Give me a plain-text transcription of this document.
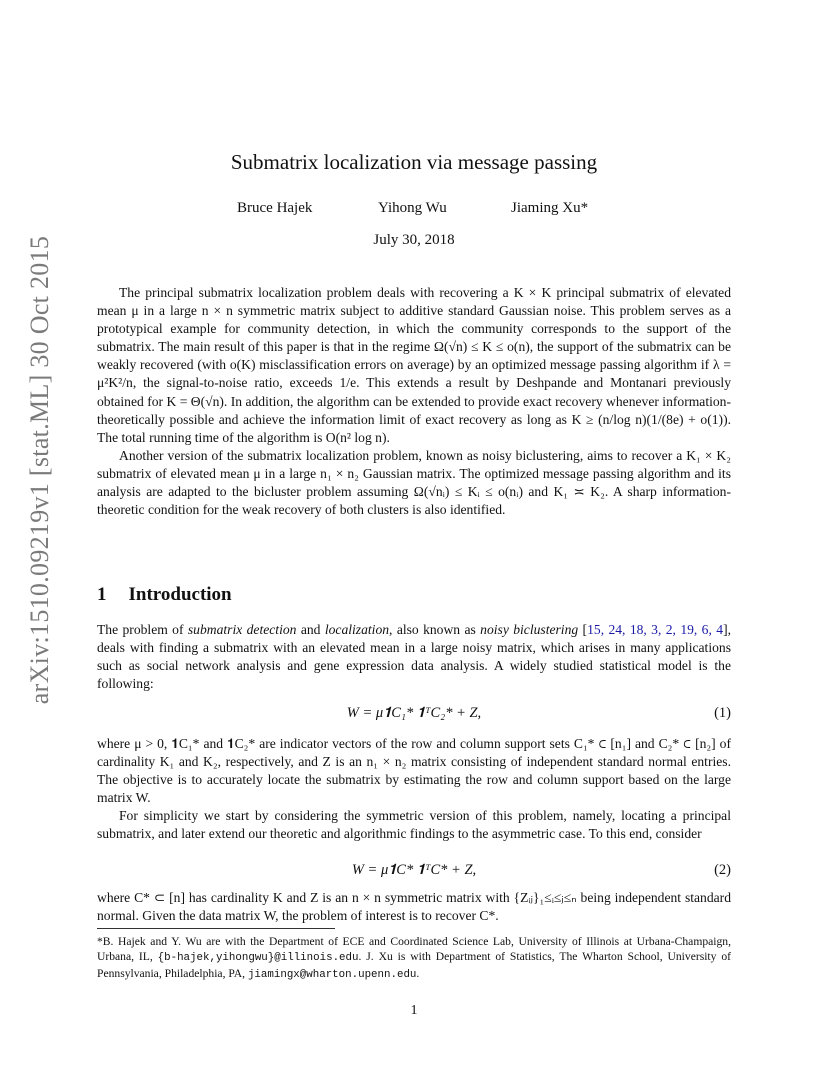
arXiv:1510.09219v1 [stat.ML] 30 Oct 2015
Submatrix localization via message passing
Bruce Hajek	Yihong Wu	Jiaming Xu*
July 30, 2018

The principal submatrix localization problem deals with recovering a K × K principal submatrix of elevated mean μ in a large n × n symmetric matrix subject to additive standard Gaussian noise. This problem serves as a prototypical example for community detection, in which the community corresponds to the support of the submatrix. The main result of this paper is that in the regime Ω(√n) ≤ K ≤ o(n), the support of the submatrix can be weakly recovered (with o(K) misclassification errors on average) by an optimized message passing algorithm if λ = μ²K²/n, the signal-to-noise ratio, exceeds 1/e. This extends a result by Deshpande and Montanari previously obtained for K = Θ(√n). In addition, the algorithm can be extended to provide exact recovery whenever information-theoretically possible and achieve the information limit of exact recovery as long as K ≥ (n/log n)(1/(8e) + o(1)). The total running time of the algorithm is O(n² log n).

Another version of the submatrix localization problem, known as noisy biclustering, aims to recover a K₁ × K₂ submatrix of elevated mean μ in a large n₁ × n₂ Gaussian matrix. The optimized message passing algorithm and its analysis are adapted to the bicluster problem assuming Ω(√nᵢ) ≤ Kᵢ ≤ o(nᵢ) and K₁ ≍ K₂. A sharp information-theoretic condition for the weak recovery of both clusters is also identified.

1 Introduction

The problem of submatrix detection and localization, also known as noisy biclustering [15, 24, 18, 3, 2, 19, 6, 4], deals with finding a submatrix with an elevated mean in a large noisy matrix, which arises in many applications such as social network analysis and gene expression data analysis. A widely studied statistical model is the following:

W = μ𝟏C₁* 𝟏ᵀC₂* + Z,	(1)

where μ > 0, 𝟏C₁* and 𝟏C₂* are indicator vectors of the row and column support sets C₁* ⊂ [n₁] and C₂* ⊂ [n₂] of cardinality K₁ and K₂, respectively, and Z is an n₁ × n₂ matrix consisting of independent standard normal entries. The objective is to accurately locate the submatrix by estimating the row and column support based on the large matrix W.

For simplicity we start by considering the symmetric version of this problem, namely, locating a principal submatrix, and later extend our theoretic and algorithmic findings to the asymmetric case. To this end, consider

W = μ𝟏C* 𝟏ᵀC* + Z,	(2)

where C* ⊂ [n] has cardinality K and Z is an n × n symmetric matrix with {Zᵢⱼ}₁≤ᵢ≤ⱼ≤ₙ being independent standard normal. Given the data matrix W, the problem of interest is to recover C*.

*B. Hajek and Y. Wu are with the Department of ECE and Coordinated Science Lab, University of Illinois at Urbana-Champaign, Urbana, IL, {b-hajek,yihongwu}@illinois.edu. J. Xu is with Department of Statistics, The Wharton School, University of Pennsylvania, Philadelphia, PA, jiamingx@wharton.upenn.edu.
1
